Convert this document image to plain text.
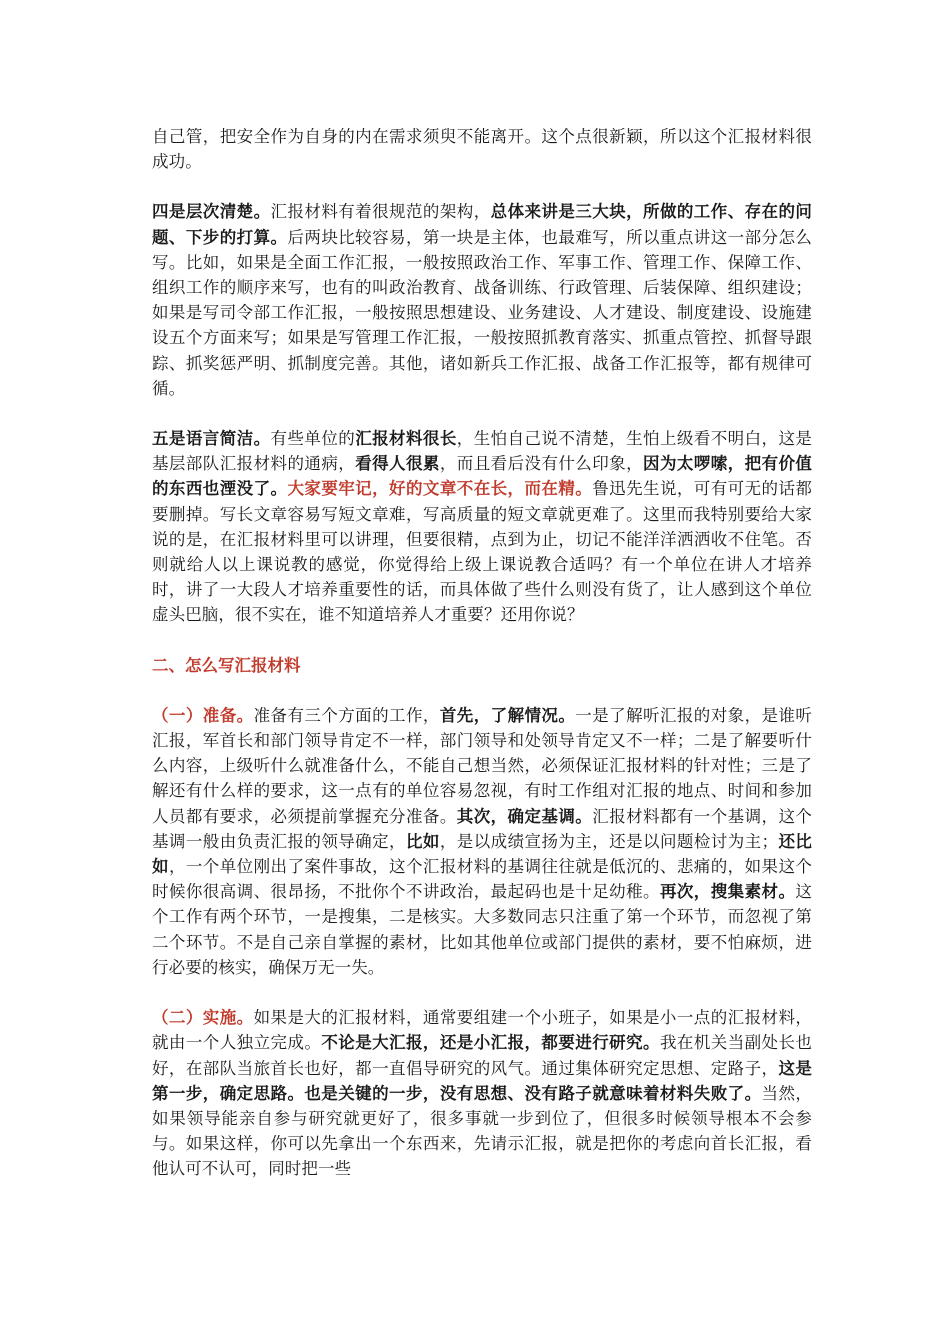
自己管，把安全作为自身的内在需求须臾不能离开。这个点很新颖，所以这个汇报材料很成功。

四是层次清楚。汇报材料有着很规范的架构，总体来讲是三大块，所做的工作、存在的问题、下步的打算。后两块比较容易，第一块是主体，也最难写，所以重点讲这一部分怎么写。比如，如果是全面工作汇报，一般按照政治工作、军事工作、管理工作、保障工作、组织工作的顺序来写，也有的叫政治教育、战备训练、行政管理、后装保障、组织建设；如果是写司令部工作汇报，一般按照思想建设、业务建设、人才建设、制度建设、设施建设五个方面来写；如果是写管理工作汇报，一般按照抓教育落实、抓重点管控、抓督导跟踪、抓奖惩严明、抓制度完善。其他，诸如新兵工作汇报、战备工作汇报等，都有规律可循。

五是语言简洁。有些单位的汇报材料很长，生怕自己说不清楚，生怕上级看不明白，这是基层部队汇报材料的通病，看得人很累，而且看后没有什么印象，因为太啰嗦，把有价值的东西也湮没了。大家要牢记，好的文章不在长，而在精。鲁迅先生说，可有可无的话都要删掉。写长文章容易写短文章难，写高质量的短文章就更难了。这里而我特别要给大家说的是，在汇报材料里可以讲理，但要很精，点到为止，切记不能洋洋洒洒收不住笔。否则就给人以上课说教的感觉，你觉得给上级上课说教合适吗？有一个单位在讲人才培养时，讲了一大段人才培养重要性的话，而具体做了些什么则没有货了，让人感到这个单位虚头巴脑，很不实在，谁不知道培养人才重要？还用你说？

二、怎么写汇报材料

（一）准备。准备有三个方面的工作，首先，了解情况。一是了解听汇报的对象，是谁听汇报，军首长和部门领导肯定不一样，部门领导和处领导肯定又不一样；二是了解要听什么内容，上级听什么就准备什么，不能自己想当然，必须保证汇报材料的针对性；三是了解还有什么样的要求，这一点有的单位容易忽视，有时工作组对汇报的地点、时间和参加人员都有要求，必须提前掌握充分准备。其次，确定基调。汇报材料都有一个基调，这个基调一般由负责汇报的领导确定，比如，是以成绩宣扬为主，还是以问题检讨为主；还比如，一个单位刚出了案件事故，这个汇报材料的基调往往就是低沉的、悲痛的，如果这个时候你很高调、很昂扬，不批你个不讲政治，最起码也是十足幼稚。再次，搜集素材。这个工作有两个环节，一是搜集，二是核实。大多数同志只注重了第一个环节，而忽视了第二个环节。不是自己亲自掌握的素材，比如其他单位或部门提供的素材，要不怕麻烦，进行必要的核实，确保万无一失。

（二）实施。如果是大的汇报材料，通常要组建一个小班子，如果是小一点的汇报材料，就由一个人独立完成。不论是大汇报，还是小汇报，都要进行研究。我在机关当副处长也好，在部队当旅首长也好，都一直倡导研究的风气。通过集体研究定思想、定路子，这是第一步，确定思路。也是关键的一步，没有思想、没有路子就意味着材料失败了。当然，如果领导能亲自参与研究就更好了，很多事就一步到位了，但很多时候领导根本不会参与。如果这样，你可以先拿出一个东西来，先请示汇报，就是把你的考虑向首长汇报，看他认可不认可，同时把一些
